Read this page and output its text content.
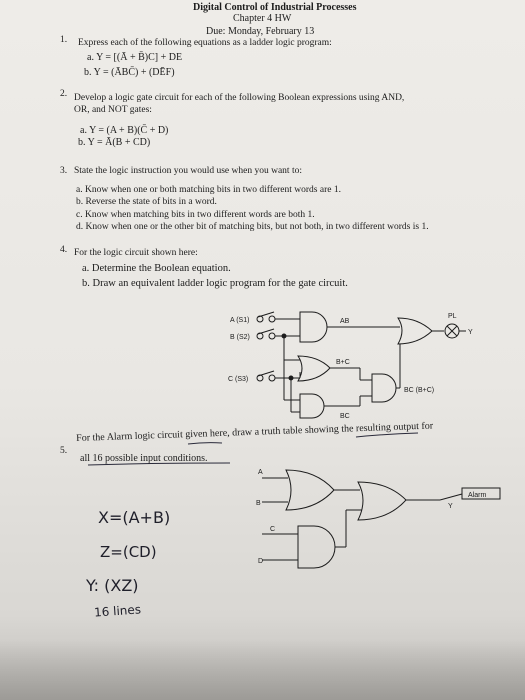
Digital Control of Industrial Processes
Chapter 4 HW
Due: Monday, February 13
1. Express each of the following equations as a ladder logic program:
a. Y = [(Ā + B̄)C] + DE
b. Y = (ĀBC̄) + (DĒF)
2. Develop a logic gate circuit for each of the following Boolean expressions using AND,
OR, and NOT gates:
a. Y = (A + B)(C̄ + D)
b. Y = Ā(B + CD)
3. State the logic instruction you would use when you want to:
a. Know when one or both matching bits in two different words are 1.
b. Reverse the state of bits in a word.
c. Know when matching bits in two different words are both 1.
d. Know when one or the other bit of matching bits, but not both, in two different words is 1.
4. For the logic circuit shown here:
a. Determine the Boolean equation.
b. Draw an equivalent ladder logic program for the gate circuit.
5.
For the Alarm logic circuit given here, draw a truth table showing the resulting output for
all 16 possible input conditions.
A (S1)
B (S2)
C (S3)
AB
B+C
BC
BC (B+C)
PL
Y
A
B
C
D
Y
Alarm
X=(A+B)
Z=(CD)
Y: (XZ)
16 lines
